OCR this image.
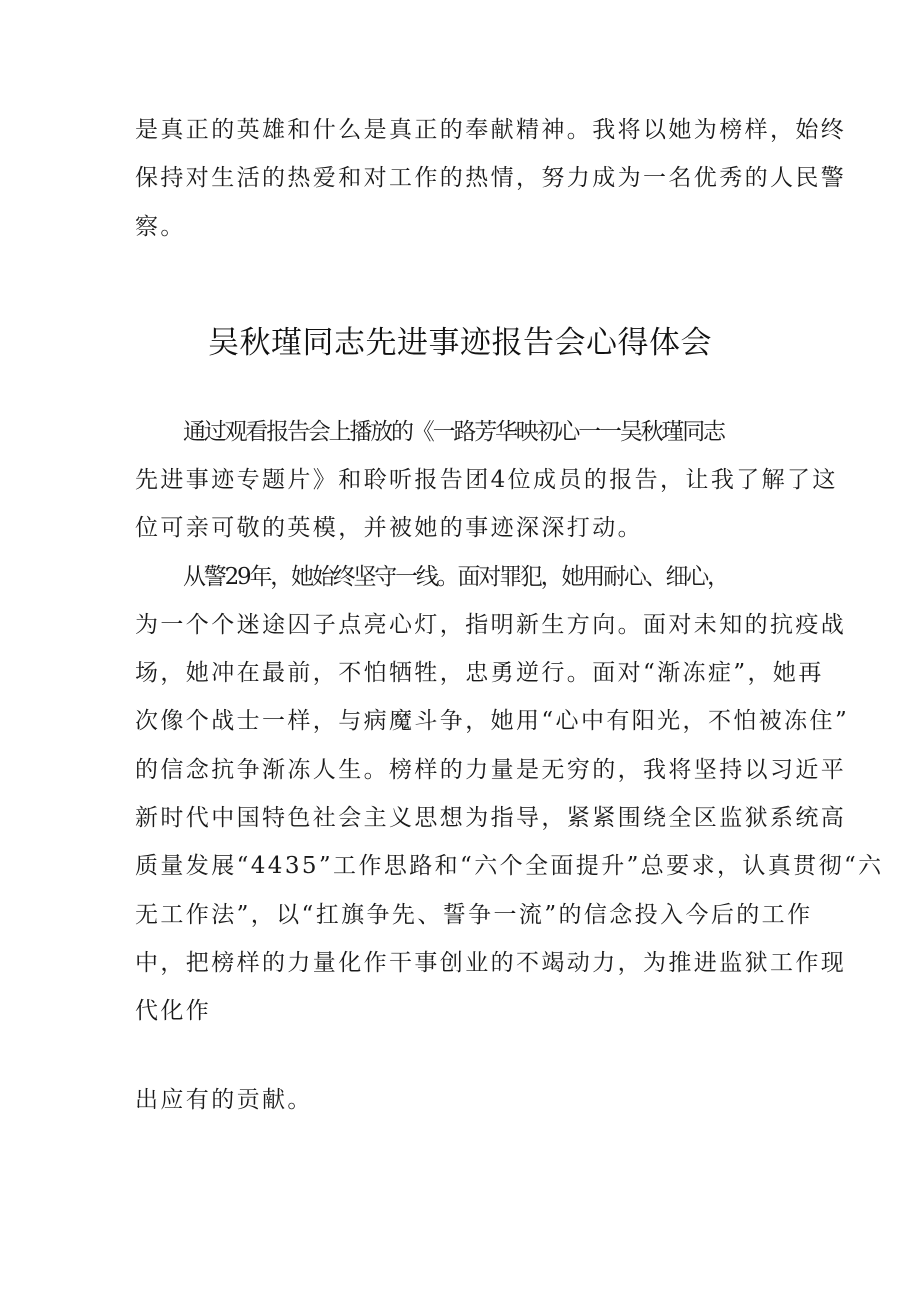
是真正的英雄和什么是真正的奉献精神。我将以她为榜样，始终

保持对生活的热爱和对工作的热情，努力成为一名优秀的人民警

察。

吴秋瑾同志先进事迹报告会心得体会

通过观看报告会上播放的《一路芳华映初心一一吴秋瑾同志

先进事迹专题片》和聆听报告团4位成员的报告，让我了解了这

位可亲可敬的英模，并被她的事迹深深打动。

从警29年，她始终坚守一线。面对罪犯，她用耐心、细心，

为一个个迷途囚子点亮心灯，指明新生方向。面对未知的抗疫战

场，她冲在最前，不怕牺牲，忠勇逆行。面对“渐冻症”，她再

次像个战士一样，与病魔斗争，她用“心中有阳光，不怕被冻住”

的信念抗争渐冻人生。榜样的力量是无穷的，我将坚持以习近平

新时代中国特色社会主义思想为指导，紧紧围绕全区监狱系统高

质量发展“4435”工作思路和“六个全面提升”总要求，认真贯彻“六

无工作法”，以“扛旗争先、誓争一流”的信念投入今后的工作

中，把榜样的力量化作干事创业的不竭动力，为推进监狱工作现

代化作

出应有的贡献。
